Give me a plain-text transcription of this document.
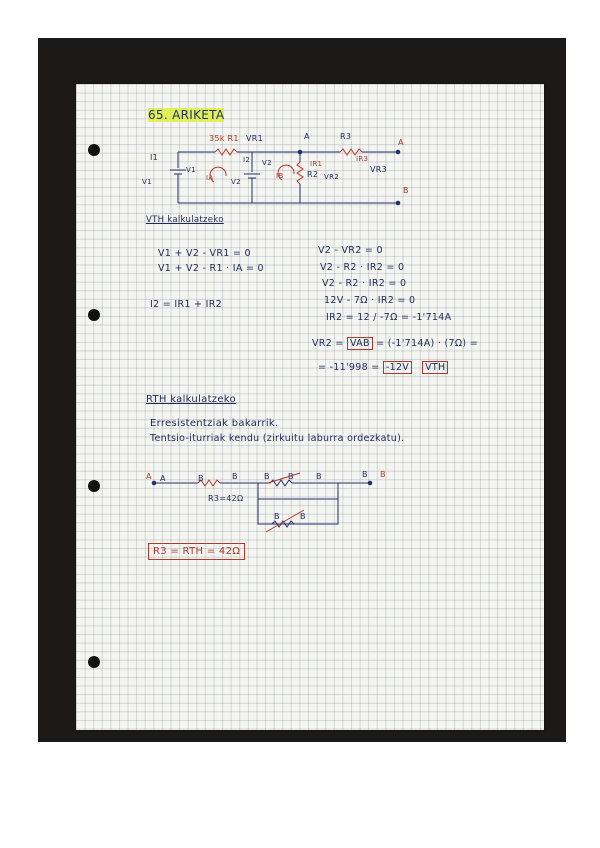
65. ARIKETA
35k R1 VR1	A	R3
A
I1
V1
V1
I2 V2
V2
IA	IB
IR1
IR3
R2 VR2
VR3
B
VTH kalkulatzeko
V1 + V2 - VR1 = 0
V1 + V2 - R1 · IA = 0
I2 = IR1 + IR2
V2 - VR2 = 0
V2 - R2 · IR2 = 0
V2 - R2 · IR2 = 0
12V - 7Ω · IR2 = 0
IR2 = 12 / -7Ω = -1'714A
VR2 = VAB = (-1'714A) · (7Ω) =
= -11'998 = -12V VTH
RTH kalkulatzeko
Erresistentziak bakarrik.
Tentsio-iturriak kendu (zirkuitu laburra ordezkatu).
A A	B	B	B B	B	B B
R3=42Ω
B	B
R3 = RTH = 42Ω
